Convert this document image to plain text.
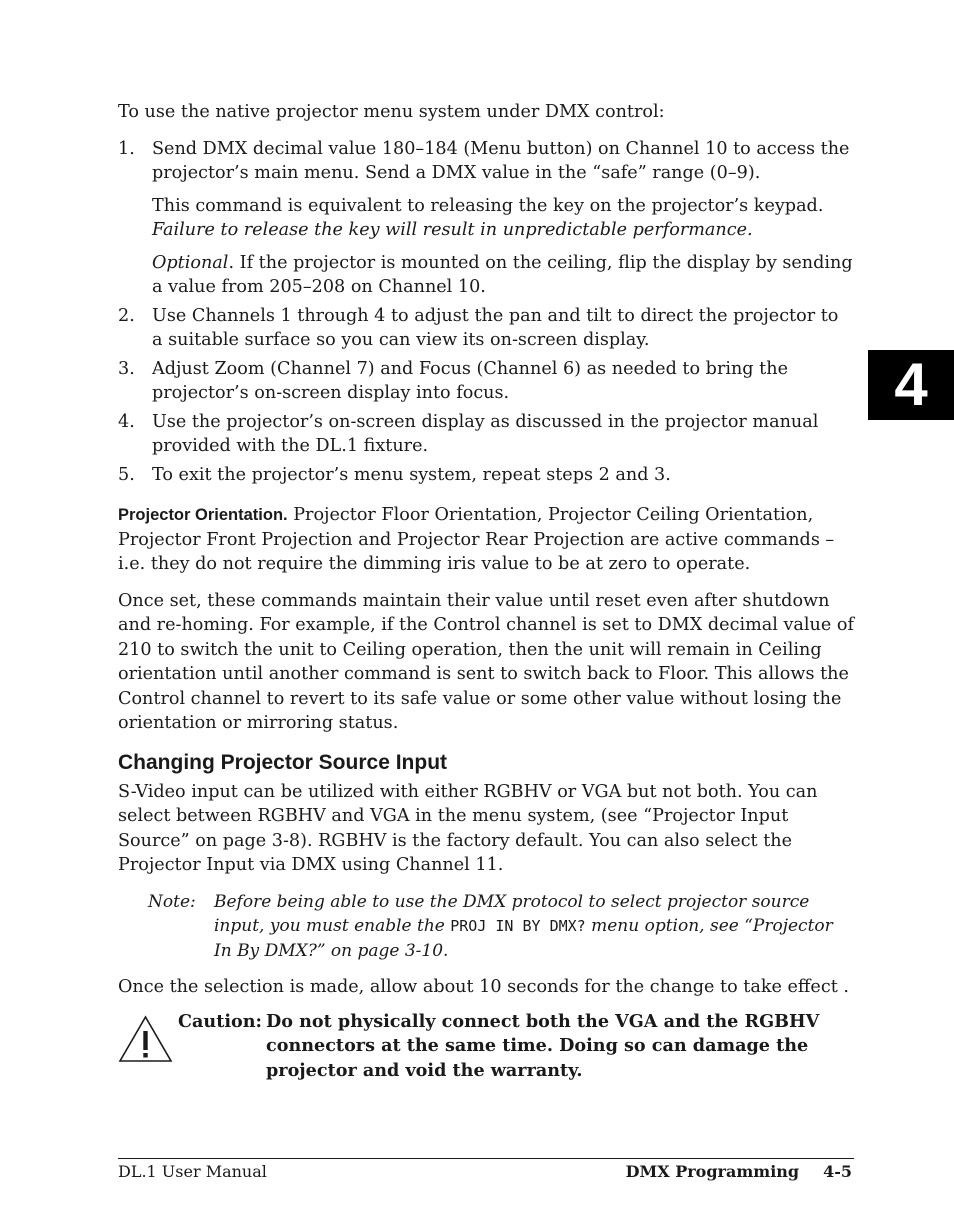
4

To use the native projector menu system under DMX control:

1. Send DMX decimal value 180–184 (Menu button) on Channel 10 to access the projector’s main menu. Send a DMX value in the “safe” range (0–9).

This command is equivalent to releasing the key on the projector’s keypad. Failure to release the key will result in unpredictable performance.

Optional. If the projector is mounted on the ceiling, flip the display by sending a value from 205–208 on Channel 10.

2. Use Channels 1 through 4 to adjust the pan and tilt to direct the projector to a suitable surface so you can view its on-screen display.
3. Adjust Zoom (Channel 7) and Focus (Channel 6) as needed to bring the projector’s on-screen display into focus.
4. Use the projector’s on-screen display as discussed in the projector manual provided with the DL.1 fixture.
5. To exit the projector’s menu system, repeat steps 2 and 3.

Projector Orientation. Projector Floor Orientation, Projector Ceiling Orientation, Projector Front Projection and Projector Rear Projection are active commands – i.e. they do not require the dimming iris value to be at zero to operate.

Once set, these commands maintain their value until reset even after shutdown and re-homing. For example, if the Control channel is set to DMX decimal value of 210 to switch the unit to Ceiling operation, then the unit will remain in Ceiling orientation until another command is sent to switch back to Floor. This allows the Control channel to revert to its safe value or some other value without losing the orientation or mirroring status.

Changing Projector Source Input

S-Video input can be utilized with either RGBHV or VGA but not both. You can select between RGBHV and VGA in the menu system, (see “Projector Input Source” on page 3-8). RGBHV is the factory default. You can also select the Projector Input via DMX using Channel 11.

Note: Before being able to use the DMX protocol to select projector source input, you must enable the PROJ IN BY DMX? menu option, see “Projector In By DMX?” on page 3-10.

Once the selection is made, allow about 10 seconds for the change to take effect .

Caution: Do not physically connect both the VGA and the RGBHV connectors at the same time. Doing so can damage the projector and void the warranty.
DL.1 User Manual	DMX Programming 4-5
